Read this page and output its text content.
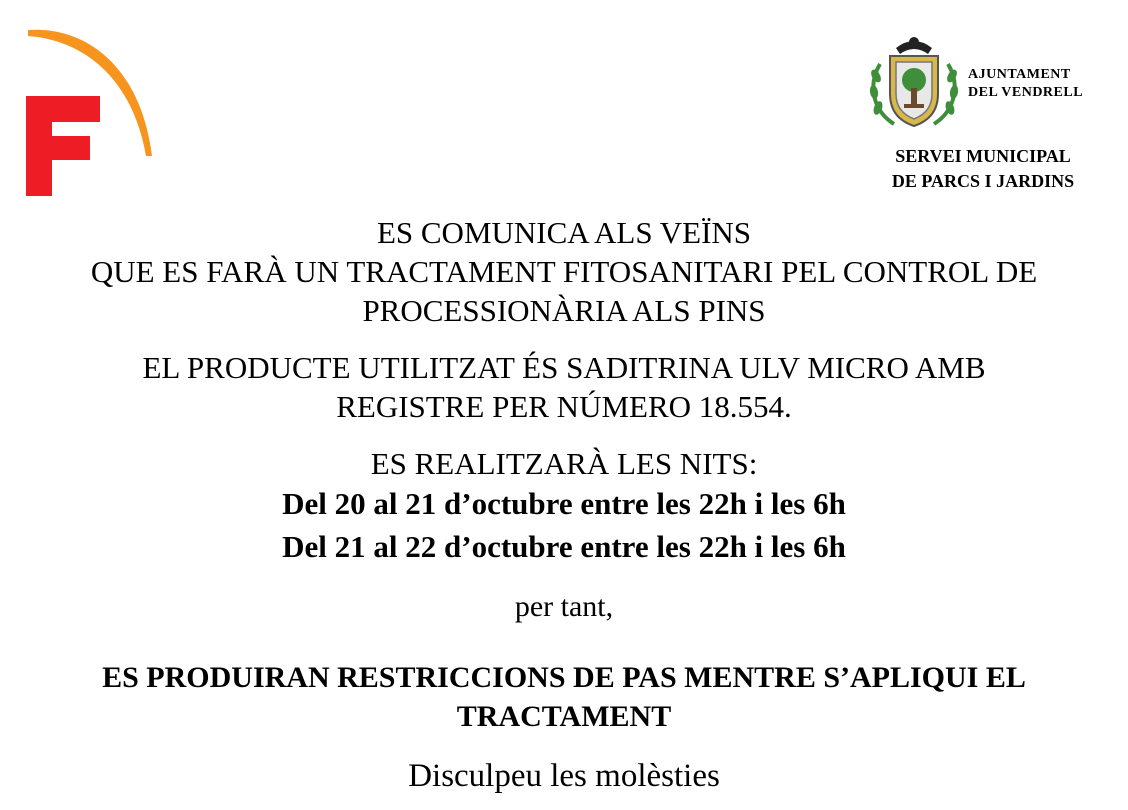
AJUNTAMENT
DEL VENDRELL
SERVEI MUNICIPAL
DE PARCS I JARDINS
ES COMUNICA ALS VEÏNS
QUE ES FARÀ UN TRACTAMENT FITOSANITARI PEL CONTROL DE
PROCESSIONÀRIA ALS PINS
EL PRODUCTE UTILITZAT ÉS SADITRINA ULV MICRO AMB
REGISTRE PER NÚMERO 18.554.
ES REALITZARÀ LES NITS:
Del 20 al 21 d’octubre entre les 22h i les 6h
Del 21 al 22 d’octubre entre les 22h i les 6h
per tant,
ES PRODUIRAN RESTRICCIONS DE PAS MENTRE S’APLIQUI EL
TRACTAMENT
Disculpeu les molèsties
